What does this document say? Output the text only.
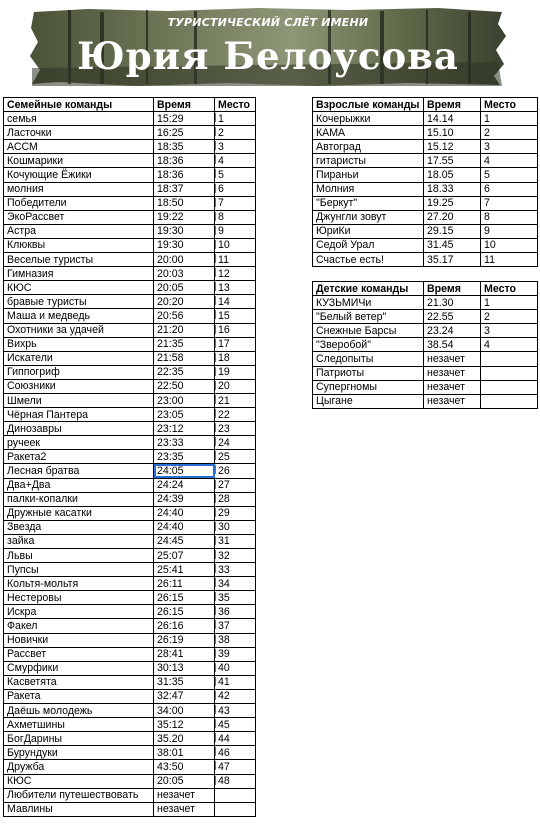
ТУРИСТИЧЕСКИЙ СЛЁТ ИМЕНИ
Юрия Белоусова
Семейные команды	Время	Место
семья	15:29	1
Ласточки	16:25	2
АССМ	18:35	3
Кошмарики	18:36	4
Кочующие Ёжики	18:36	5
молния	18:37	6
Победители	18:50	7
ЭкоРассвет	19:22	8
Астра	19:30	9
Клюквы	19:30	10
Веселые туристы	20:00	11
Гимназия	20:03	12
КЮС	20:05	13
бравые туристы	20:20	14
Маша и медведь	20:56	15
Охотники за удачей	21:20	16
Вихрь	21:35	17
Искатели	21:58	18
Гиппогриф	22:35	19
Союзники	22:50	20
Шмели	23:00	21
Чёрная Пантера	23:05	22
Динозавры	23:12	23
ручеек	23:33	24
Ракета2	23:35	25
Лесная братва	24:05	26
Два+Два	24:24	27
палки-копалки	24:39	28
Дружные касатки	24:40	29
Звезда	24:40	30
зайка	24:45	31
Львы	25:07	32
Пупсы	25:41	33
Кольтя-мольтя	26:11	34
Нестеровы	26:15	35
Искра	26:15	36
Факел	26:16	37
Новички	26:19	38
Рассвет	28:41	39
Смурфики	30:13	40
Касветята	31:35	41
Ракета	32:47	42
Даёшь молодежь	34:00	43
Ахметшины	35:12	45
БогДарины	35.20	44
Бурундуки	38:01	46
Дружба	43:50	47
КЮС	20:05	48
Любители путешествовать	незачет	
Мавлины	незачет	
Взрослые команды	Время	Место
Кочерыжки	14.14	1
КАМА	15.10	2
Автоград	15.12	3
гитаристы	17.55	4
Пираньи	18.05	5
Молния	18.33	6
"Беркут"	19.25	7
Джунгли зовут	27.20	8
ЮриКи	29.15	9
Седой Урал	31.45	10
Счастье есть!	35.17	11
Детские команды	Время	Место
КУЗЬМИЧи	21.30	1
"Белый ветер"	22.55	2
Снежные Барсы	23.24	3
"Зверобой"	38.54	4
Следопыты	незачет	
Патриоты	незачет	
Супергномы	незачет	
Цыгане	незачет	
